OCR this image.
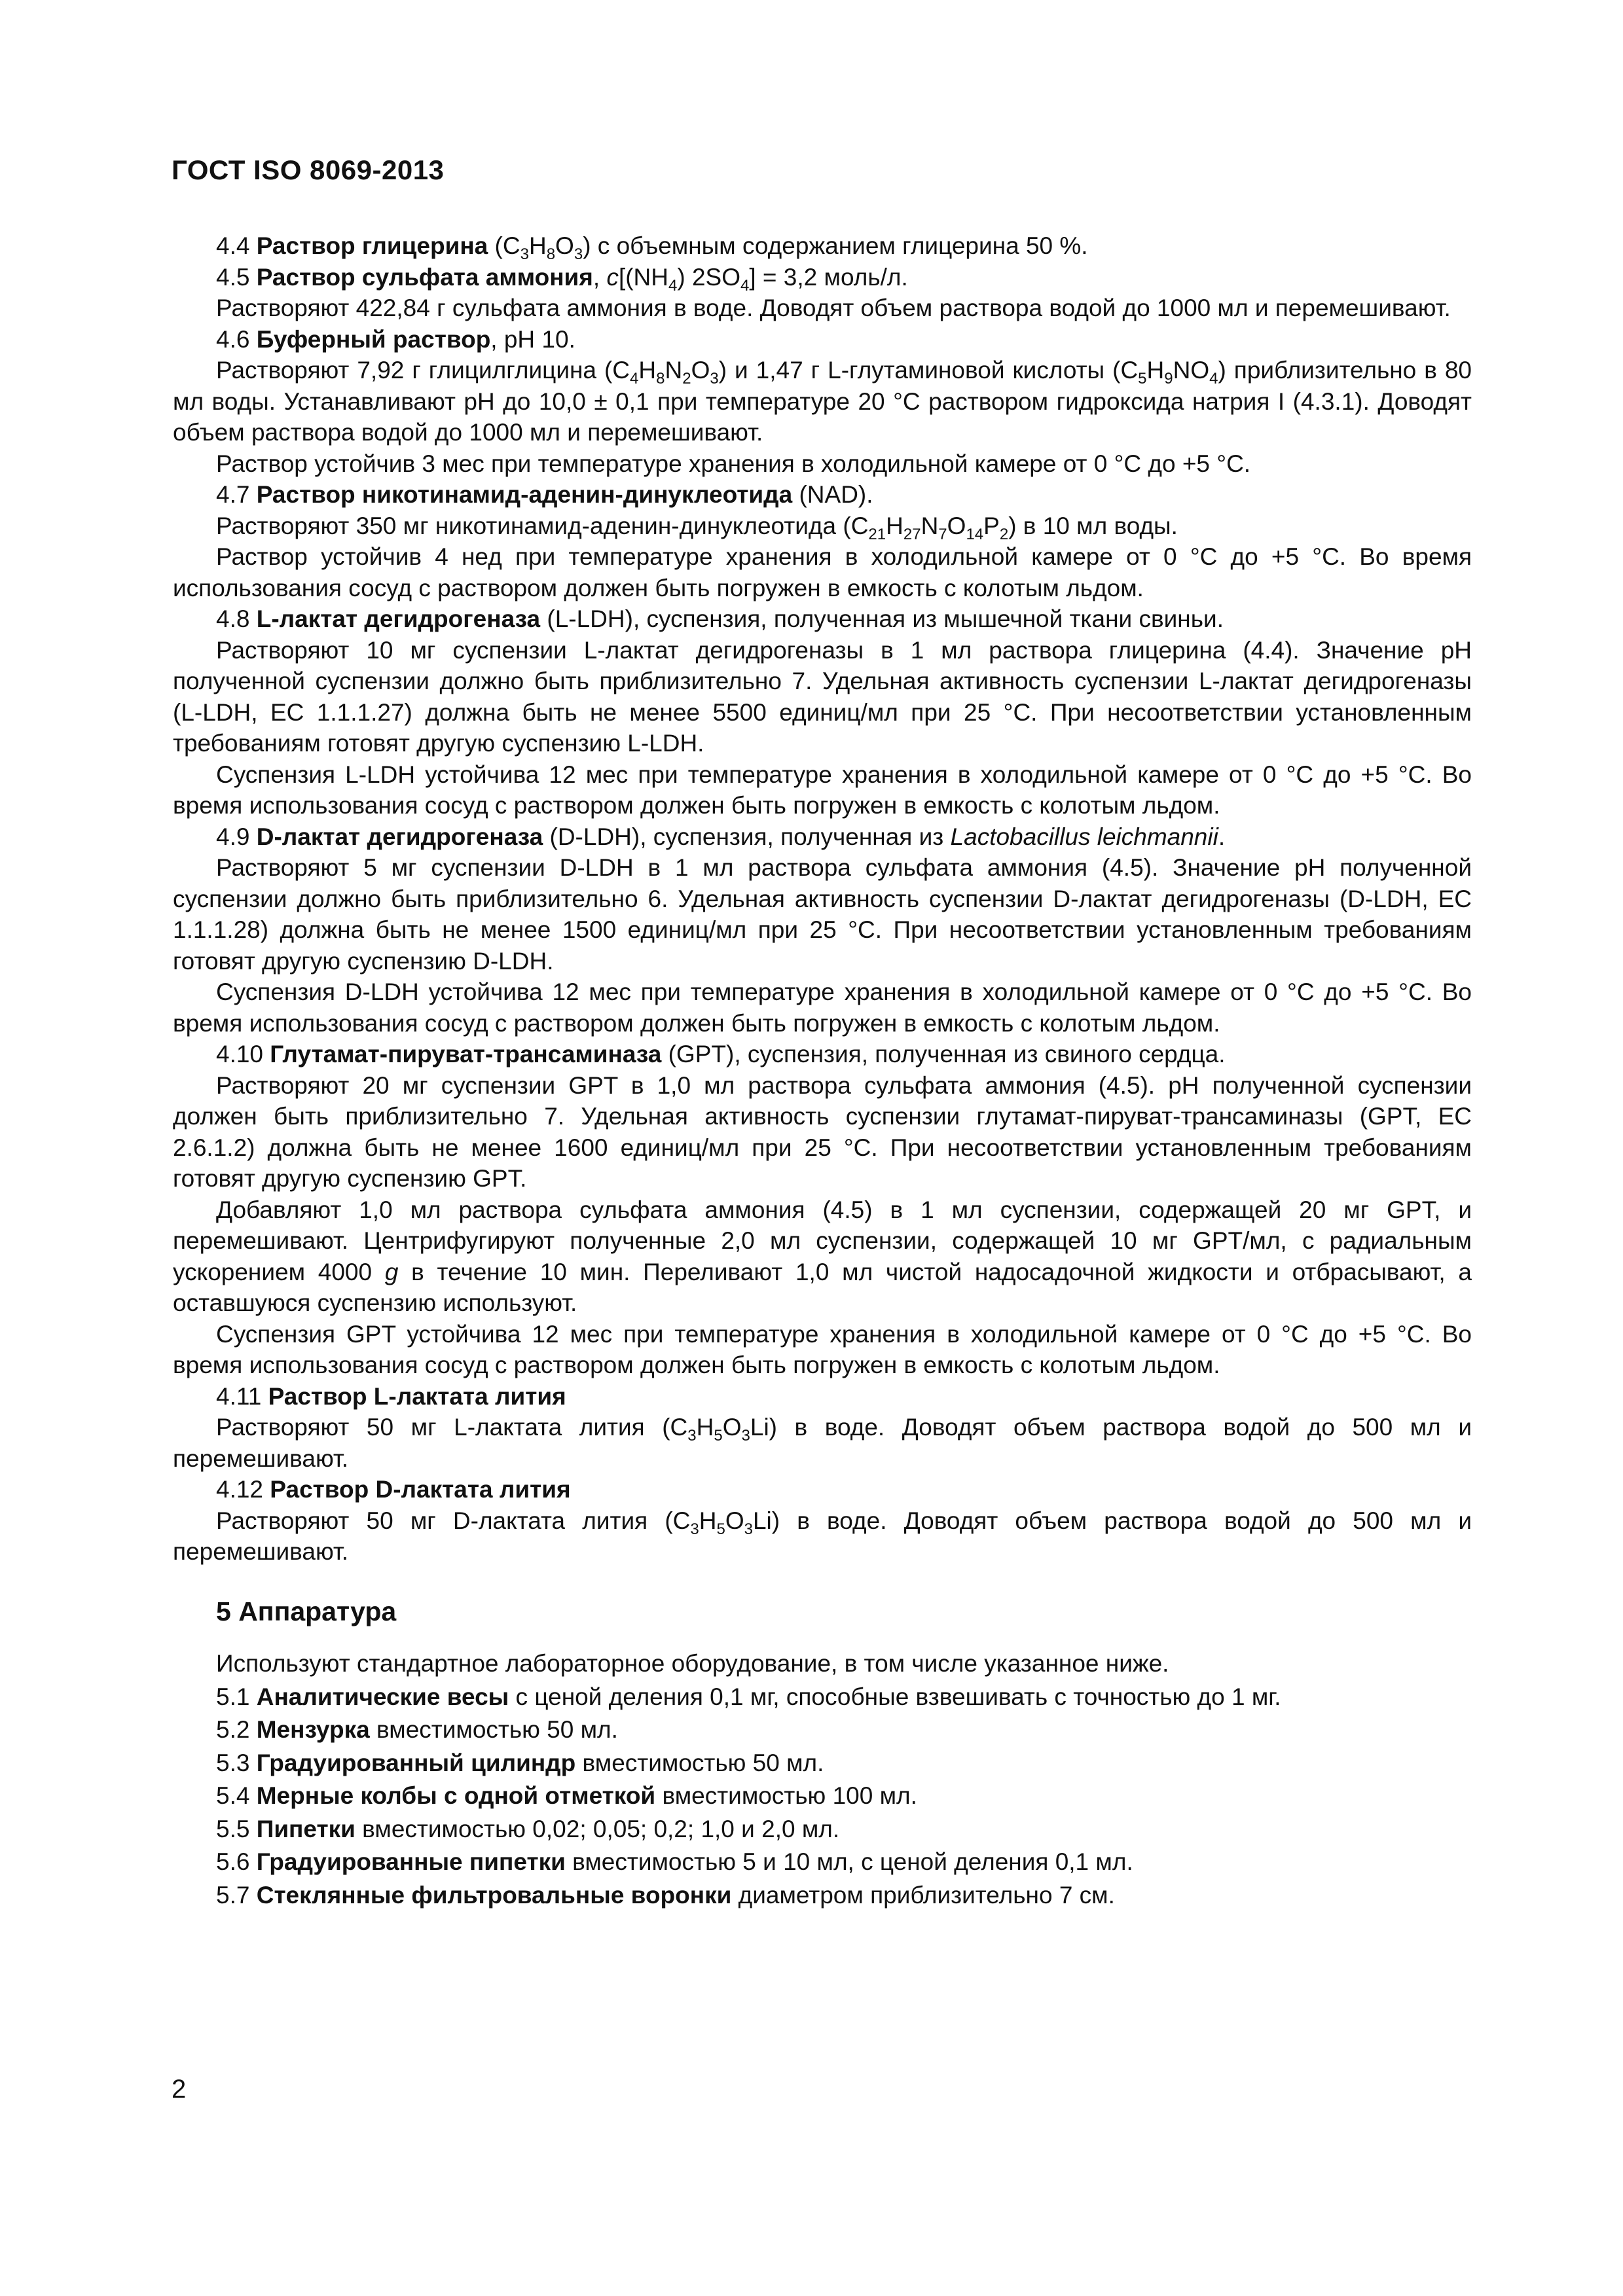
ГОСТ ISO 8069-2013

4.4 Раствор глицерина $(C_3H_8O_3)$ с объемным содержанием глицерина 50 %.

4.5 Раствор сульфата аммония, $c[(NH_4) 2SO_4] = 3,2$ моль/л.

Растворяют 422,84 г сульфата аммония в воде. Доводят объем раствора водой до 1000 мл и перемешивают.

4.6 Буферный раствор, pH 10.

Растворяют 7,92 г глицилглицина $(C_4H_8N_2O_3)$ и 1,47 г L-глутаминовой кислоты $(C_5H_9NO_4)$ приблизительно в 80 мл воды. Устанавливают pH до 10,0 ± 0,1 при температуре 20 °C раствором гидроксида натрия I (4.3.1). Доводят объем раствора водой до 1000 мл и перемешивают.

Раствор устойчив 3 мес при температуре хранения в холодильной камере от 0 °C до +5 °C.

4.7 Раствор никотинамид-аденин-динуклеотида (NAD).

Растворяют 350 мг никотинамид-аденин-динуклеотида $(C_{21}H_{27}N_7O_{14}P_2)$ в 10 мл воды.

Раствор устойчив 4 нед при температуре хранения в холодильной камере от 0 °C до +5 °C. Во время использования сосуд с раствором должен быть погружен в емкость с колотым льдом.

4.8 L-лактат дегидрогеназа (L-LDH), суспензия, полученная из мышечной ткани свиньи.

Растворяют 10 мг суспензии L-лактат дегидрогеназы в 1 мл раствора глицерина (4.4). Значение pH полученной суспензии должно быть приблизительно 7. Удельная активность суспензии L-лактат дегидрогеназы (L-LDH, EC 1.1.1.27) должна быть не менее 5500 единиц/мл при 25 °C. При несоответствии установленным требованиям готовят другую суспензию L-LDH.

Суспензия L-LDH устойчива 12 мес при температуре хранения в холодильной камере от 0 °C до +5 °C. Во время использования сосуд с раствором должен быть погружен в емкость с колотым льдом.

4.9 D-лактат дегидрогеназа (D-LDH), суспензия, полученная из Lactobacillus leichmannii.

Растворяют 5 мг суспензии D-LDH в 1 мл раствора сульфата аммония (4.5). Значение pH полученной суспензии должно быть приблизительно 6. Удельная активность суспензии D-лактат дегидрогеназы (D-LDH, EC 1.1.1.28) должна быть не менее 1500 единиц/мл при 25 °C. При несоответствии установленным требованиям готовят другую суспензию D-LDH.

Суспензия D-LDH устойчива 12 мес при температуре хранения в холодильной камере от 0 °C до +5 °C. Во время использования сосуд с раствором должен быть погружен в емкость с колотым льдом.

4.10 Глутамат-пируват-трансаминаза (GPT), суспензия, полученная из свиного сердца.

Растворяют 20 мг суспензии GPT в 1,0 мл раствора сульфата аммония (4.5). pH полученной суспензии должен быть приблизительно 7. Удельная активность суспензии глутамат-пируват-трансаминазы (GPT, EC 2.6.1.2) должна быть не менее 1600 единиц/мл при 25 °C. При несоответствии установленным требованиям готовят другую суспензию GPT.

Добавляют 1,0 мл раствора сульфата аммония (4.5) в 1 мл суспензии, содержащей 20 мг GPT, и перемешивают. Центрифугируют полученные 2,0 мл суспензии, содержащей 10 мг GPT/мл, с радиальным ускорением 4000 g в течение 10 мин. Переливают 1,0 мл чистой надосадочной жидкости и отбрасывают, а оставшуюся суспензию используют.

Суспензия GPT устойчива 12 мес при температуре хранения в холодильной камере от 0 °C до +5 °C. Во время использования сосуд с раствором должен быть погружен в емкость с колотым льдом.

4.11 Раствор L-лактата лития

Растворяют 50 мг L-лактата лития $(C_3H_5O_3Li)$ в воде. Доводят объем раствора водой до 500 мл и перемешивают.

4.12 Раствор D-лактата лития

Растворяют 50 мг D-лактата лития $(C_3H_5O_3Li)$ в воде. Доводят объем раствора водой до 500 мл и перемешивают.

5 Аппаратура

Используют стандартное лабораторное оборудование, в том числе указанное ниже.

5.1 Аналитические весы с ценой деления 0,1 мг, способные взвешивать с точностью до 1 мг.

5.2 Мензурка вместимостью 50 мл.

5.3 Градуированный цилиндр вместимостью 50 мл.

5.4 Мерные колбы с одной отметкой вместимостью 100 мл.

5.5 Пипетки вместимостью 0,02; 0,05; 0,2; 1,0 и 2,0 мл.

5.6 Градуированные пипетки вместимостью 5 и 10 мл, с ценой деления 0,1 мл.

5.7 Стеклянные фильтровальные воронки диаметром приблизительно 7 см.

2
